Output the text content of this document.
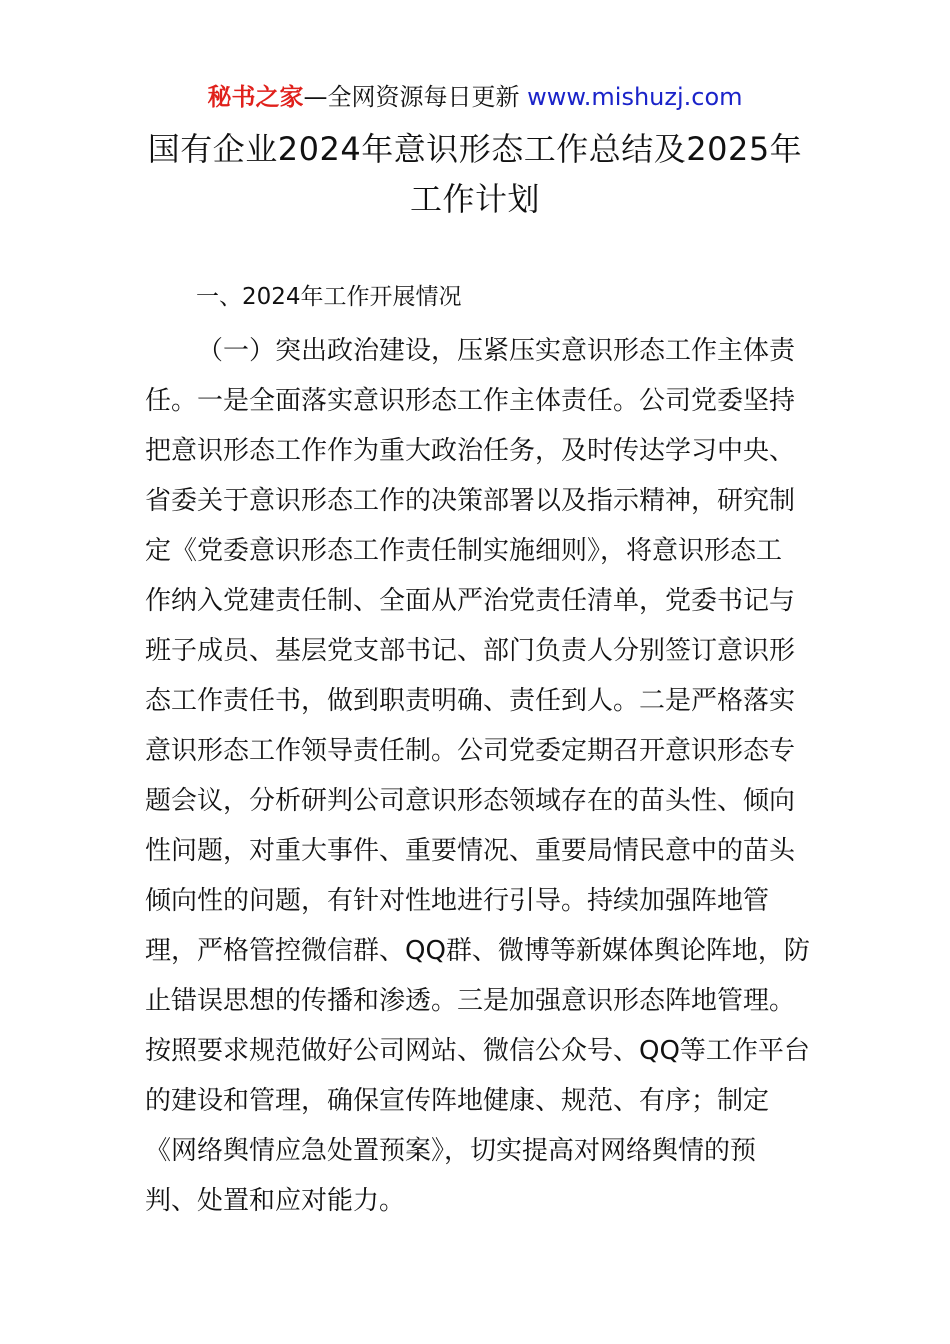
秘书之家—全网资源每日更新 www.mishuzj.com
国有企业2024年意识形态工作总结及2025年
工作计划
一、2024年工作开展情况
（一）突出政治建设，压紧压实意识形态工作主体责
任。一是全面落实意识形态工作主体责任。公司党委坚持
把意识形态工作作为重大政治任务，及时传达学习中央、
省委关于意识形态工作的决策部署以及指示精神，研究制
定《党委意识形态工作责任制实施细则》，将意识形态工
作纳入党建责任制、全面从严治党责任清单，党委书记与
班子成员、基层党支部书记、部门负责人分别签订意识形
态工作责任书，做到职责明确、责任到人。二是严格落实
意识形态工作领导责任制。公司党委定期召开意识形态专
题会议，分析研判公司意识形态领域存在的苗头性、倾向
性问题，对重大事件、重要情况、重要局情民意中的苗头
倾向性的问题，有针对性地进行引导。持续加强阵地管
理，严格管控微信群、QQ群、微博等新媒体舆论阵地，防
止错误思想的传播和渗透。三是加强意识形态阵地管理。
按照要求规范做好公司网站、微信公众号、QQ等工作平台
的建设和管理，确保宣传阵地健康、规范、有序；制定
《网络舆情应急处置预案》，切实提高对网络舆情的预
判、处置和应对能力。
